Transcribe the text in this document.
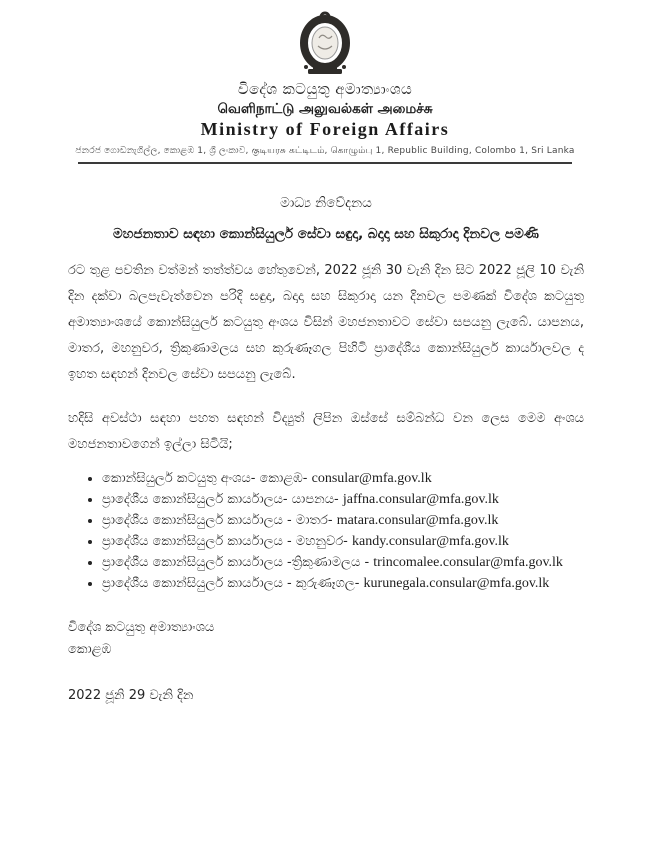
විදේශ කටයුතු අමාත්‍යාංශය
வெளிநாட்டு அலுவல்கள் அமைச்சு
Ministry of Foreign Affairs
ජනරජ ගොඩනැගිල්ල, කොළඹ 1, ශ්‍රී ලංකාව, குடியரசு கட்டிடம், கொழும்பு 1, Republic Building, Colombo 1, Sri Lanka
මාධ්‍ය නිවේදනය
මහජනතාව සඳහා කොන්සියුලර් සේවා සඳුදා, බදාදා සහ සිකුරාදා දිනවල පමණි

රට තුළ පවතින වත්මන් තත්ත්වය හේතුවෙන්, 2022 ජූනි 30 වැනි දින සිට 2022 ජූලි 10 වැනි දින දක්වා බලපැවැත්වෙන පරිදි සඳුදා, බදාදා සහ සිකුරාදා යන දිනවල පමණක් විදේශ කටයුතු අමාත්‍යාංශයේ කොන්සියුලර් කටයුතු අංශය විසින් මහජනතාවට සේවා සපයනු ලැබේ. යාපනය, මාතර, මහනුවර, ත්‍රිකුණාමලය සහ කුරුණෑගල පිහිටි ප්‍රාදේශීය කොන්සියුලර් කාර්යාලවල ද ඉහත සඳහන් දිනවල සේවා සපයනු ලැබේ.

හදිසි අවස්ථා සඳහා පහත සඳහන් විද්‍යුත් ලිපින ඔස්සේ සම්බන්ධ වන ලෙස මෙම අංශය මහජනතාවගෙන් ඉල්ලා සිටියි;

• කොන්සියුලර් කටයුතු අංශය- කොළඹ- consular@mfa.gov.lk
• ප්‍රාදේශීය කොන්සියුලර් කාර්යාලය- යාපනය- jaffna.consular@mfa.gov.lk
• ප්‍රාදේශීය කොන්සියුලර් කාර්යාලය - මාතර- matara.consular@mfa.gov.lk
• ප්‍රාදේශීය කොන්සියුලර් කාර්යාලය - මහනුවර- kandy.consular@mfa.gov.lk
• ප්‍රාදේශීය කොන්සියුලර් කාර්යාලය -ත්‍රිකුණාමලය - trincomalee.consular@mfa.gov.lk
• ප්‍රාදේශීය කොන්සියුලර් කාර්යාලය - කුරුණෑගල- kurunegala.consular@mfa.gov.lk
විදේශ කටයුතු අමාත්‍යාංශය
කොළඹ
2022 ජූනි 29 වැනි දින
